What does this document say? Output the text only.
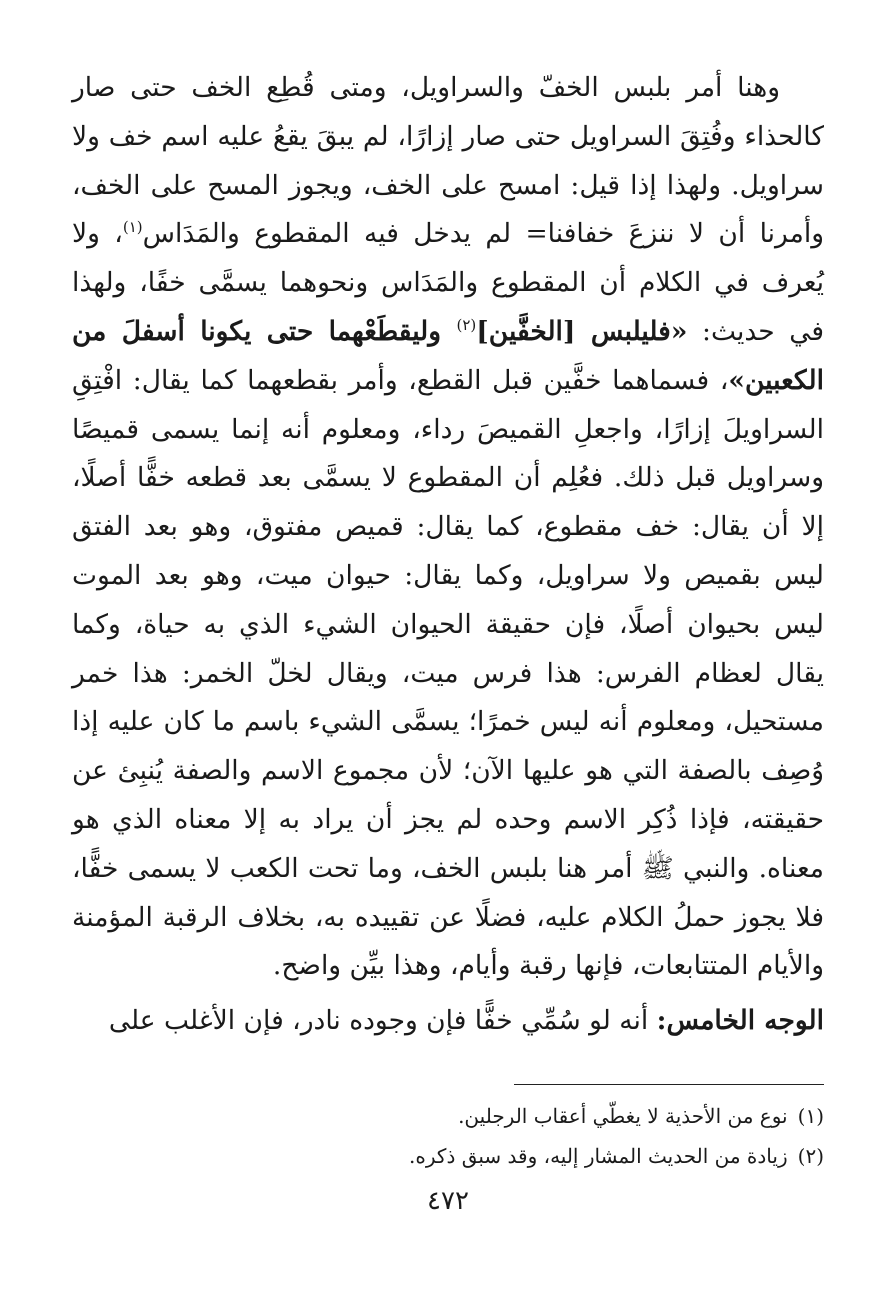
وهنا أمر بلبس الخفّ والسراويل، ومتى قُطِع الخف حتى صار كالحذاء وفُتِقَ السراويل حتى صار إزارًا، لم يبقَ يقعُ عليه اسم خف ولا سراويل. ولهذا إذا قيل: امسح على الخف، ويجوز المسح على الخف، وأمرنا أن لا ننزعَ خفافنا= لم يدخل فيه المقطوع والمَدَاس$^{(١)}$، ولا يُعرف في الكلام أن المقطوع والمَدَاس ونحوهما يسمَّى خفًا، ولهذا في حديث: «فليلبس [الخفَّين]$^{(٢)}$ وليقطَعْهما حتى يكونا أسفلَ من الكعبين»، فسماهما خفَّين قبل القطع، وأمر بقطعهما كما يقال: افْتِقِ السراويلَ إزارًا، واجعلِ القميصَ رداء، ومعلوم أنه إنما يسمى قميصًا وسراويل قبل ذلك. فعُلِم أن المقطوع لا يسمَّى بعد قطعه خفًّا أصلًا، إلا أن يقال: خف مقطوع، كما يقال: قميص مفتوق، وهو بعد الفتق ليس بقميص ولا سراويل، وكما يقال: حيوان ميت، وهو بعد الموت ليس بحيوان أصلًا، فإن حقيقة الحيوان الشيء الذي به حياة، وكما يقال لعظام الفرس: هذا فرس ميت، ويقال لخلّ الخمر: هذا خمر مستحيل، ومعلوم أنه ليس خمرًا؛ يسمَّى الشيء باسم ما كان عليه إذا وُصِف بالصفة التي هو عليها الآن؛ لأن مجموع الاسم والصفة يُنبِئ عن حقيقته، فإذا ذُكِر الاسم وحده لم يجز أن يراد به إلا معناه الذي هو معناه. والنبي ﷺ أمر هنا بلبس الخف، وما تحت الكعب لا يسمى خفًّا، فلا يجوز حملُ الكلام عليه، فضلًا عن تقييده به، بخلاف الرقبة المؤمنة والأيام المتتابعات، فإنها رقبة وأيام، وهذا بيِّن واضح.

الوجه الخامس: أنه لو سُمِّي خفًّا فإن وجوده نادر، فإن الأغلب على

(١)
نوع من الأحذية لا يغطّي أعقاب الرجلين.
(٢)
زيادة من الحديث المشار إليه، وقد سبق ذكره.
٤٧٢
